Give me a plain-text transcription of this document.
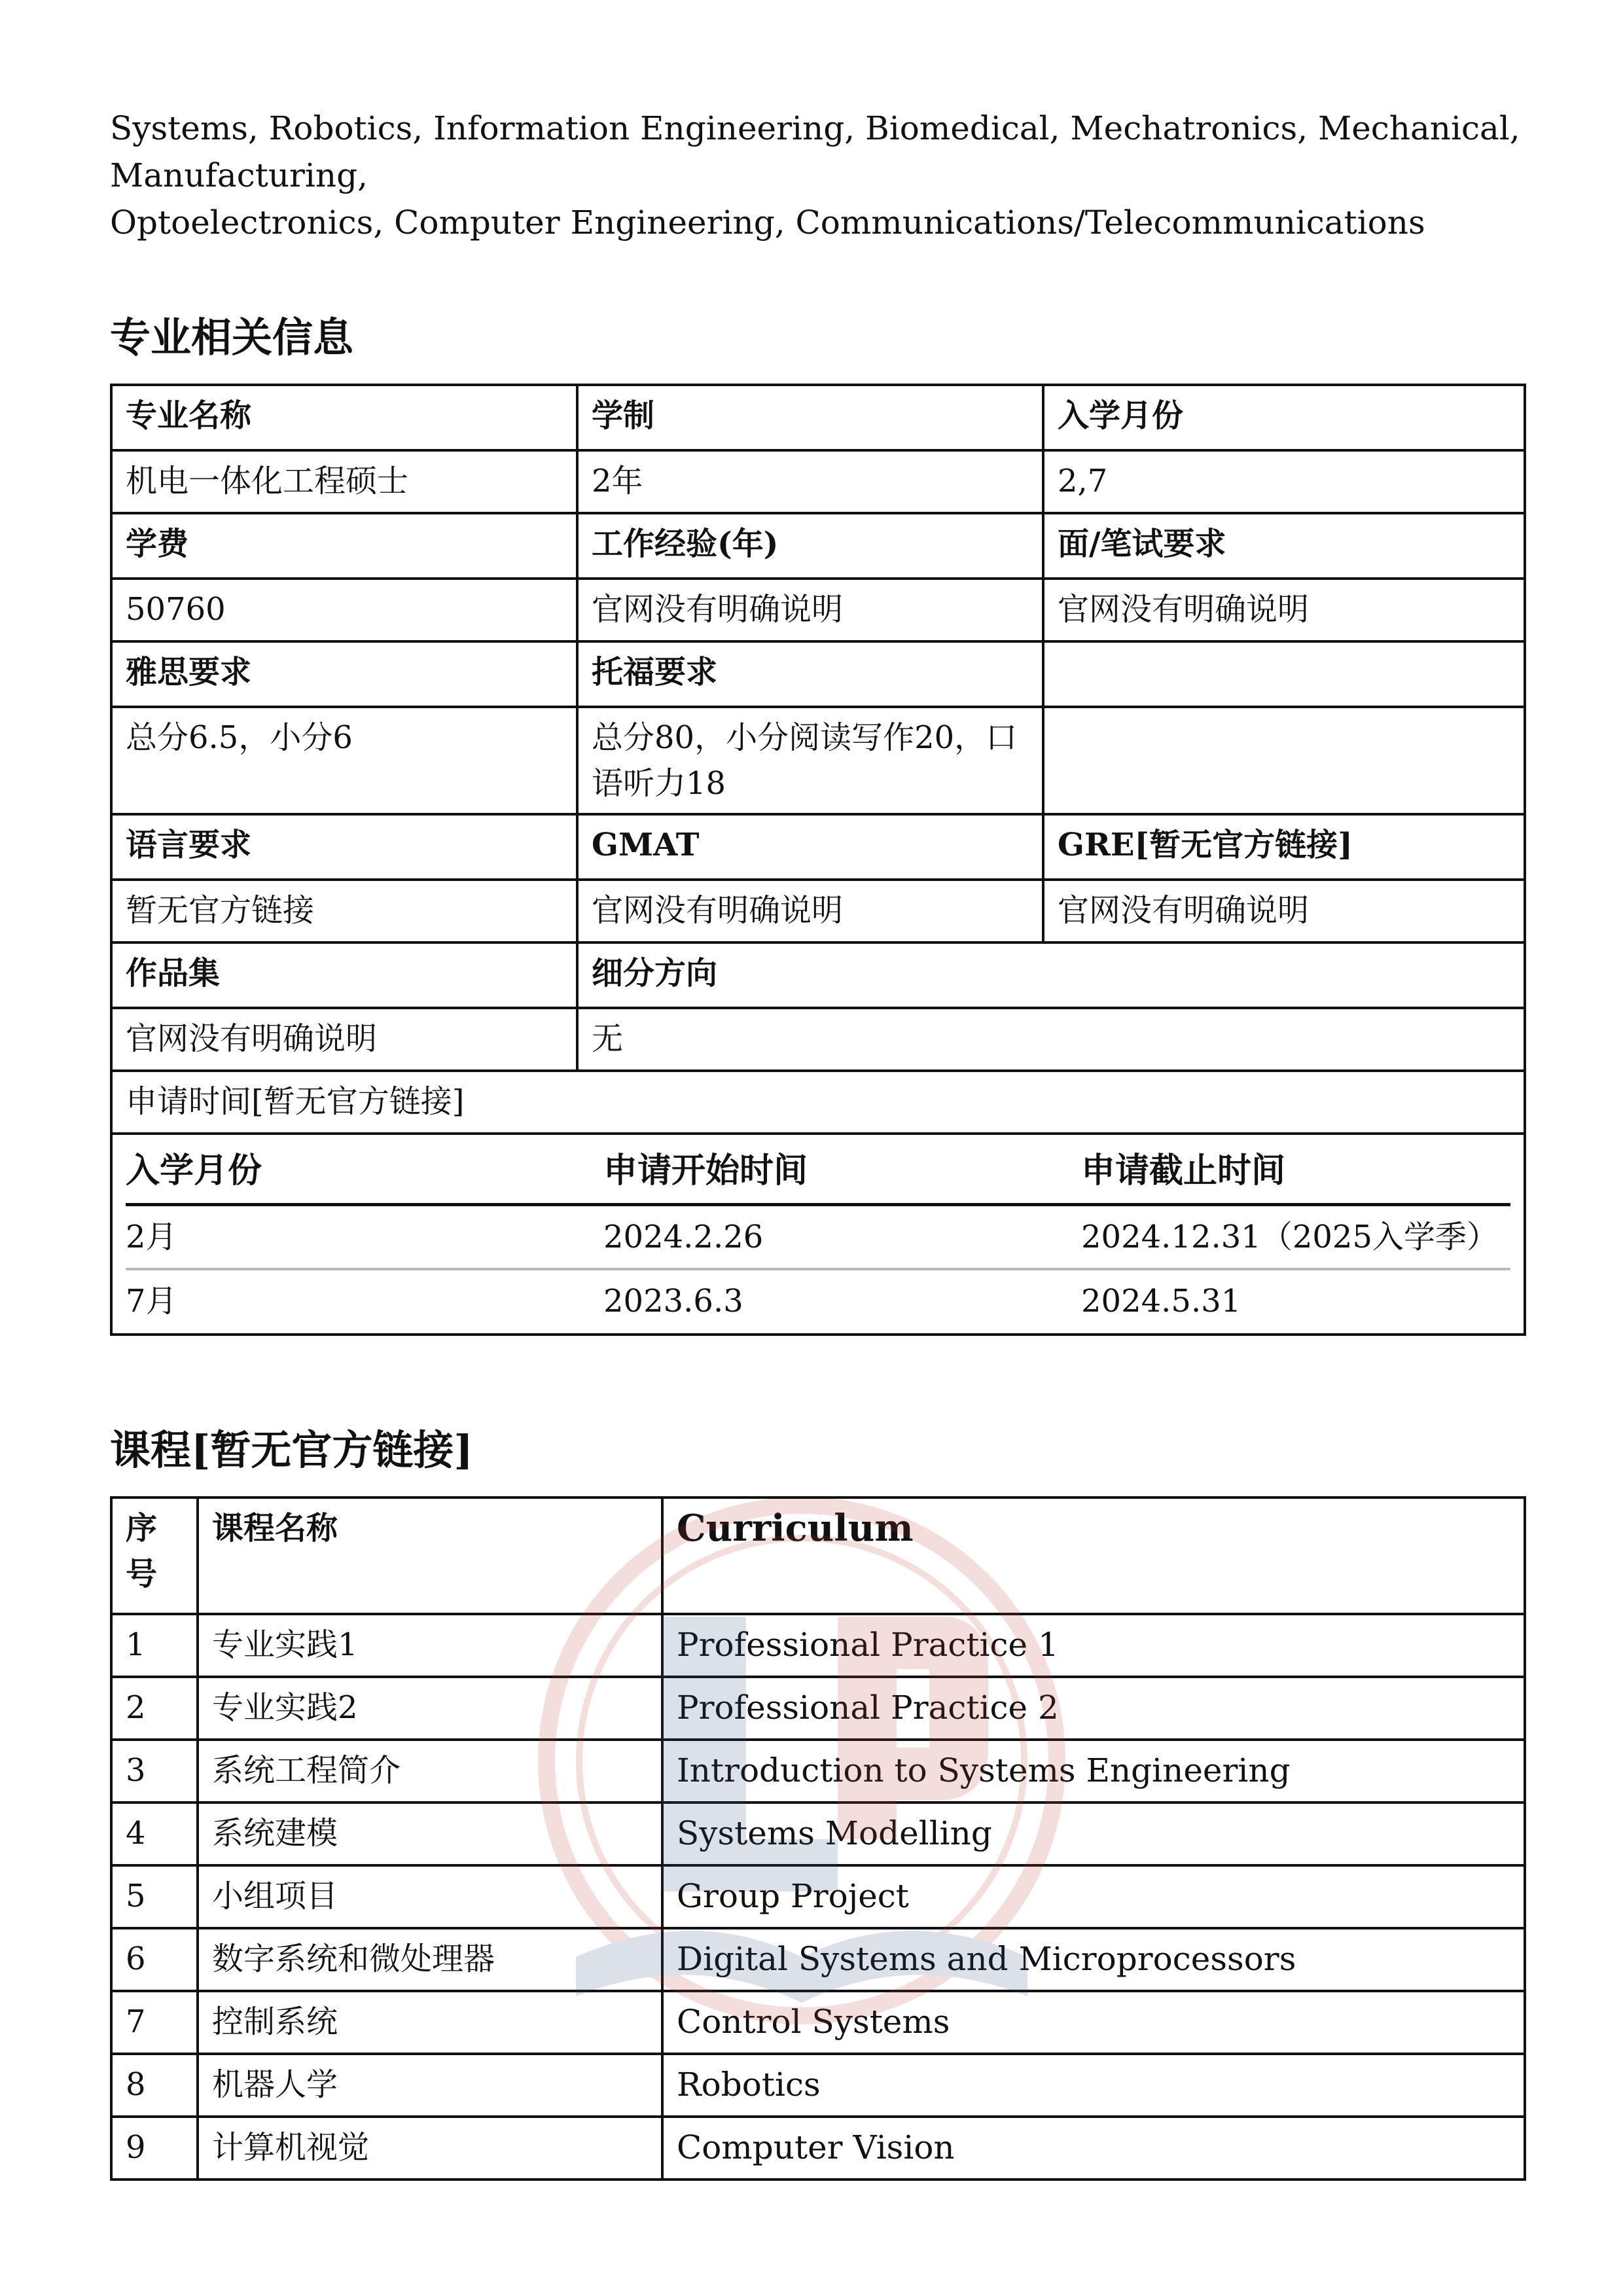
Systems, Robotics, Information Engineering, Biomedical, Mechatronics, Mechanical,

Manufacturing,

Optoelectronics, Computer Engineering, Communications/Telecommunications

专业相关信息
专业名称	学制	入学月份
机电一体化工程硕士	2年	2,7
学费	工作经验(年)	面/笔试要求
50760	官网没有明确说明	官网没有明确说明
雅思要求	托福要求	
总分6.5，小分6	总分80，小分阅读写作20，口语听力18	
语言要求	GMAT	GRE[暂无官方链接]
暂无官方链接	官网没有明确说明	官网没有明确说明
作品集	细分方向
官网没有明确说明	无
申请时间[暂无官方链接]

入学月份	申请开始时间	申请截止时间
2月	2024.2.26	2024.12.31（2025入学季）
7月	2023.6.3	2024.5.31
课程[暂无官方链接]
序号	课程名称	Curriculum
1	专业实践1	Professional Practice 1
2	专业实践2	Professional Practice 2
3	系统工程简介	Introduction to Systems Engineering
4	系统建模	Systems Modelling
5	小组项目	Group Project
6	数字系统和微处理器	Digital Systems and Microprocessors
7	控制系统	Control Systems
8	机器人学	Robotics
9	计算机视觉	Computer Vision
